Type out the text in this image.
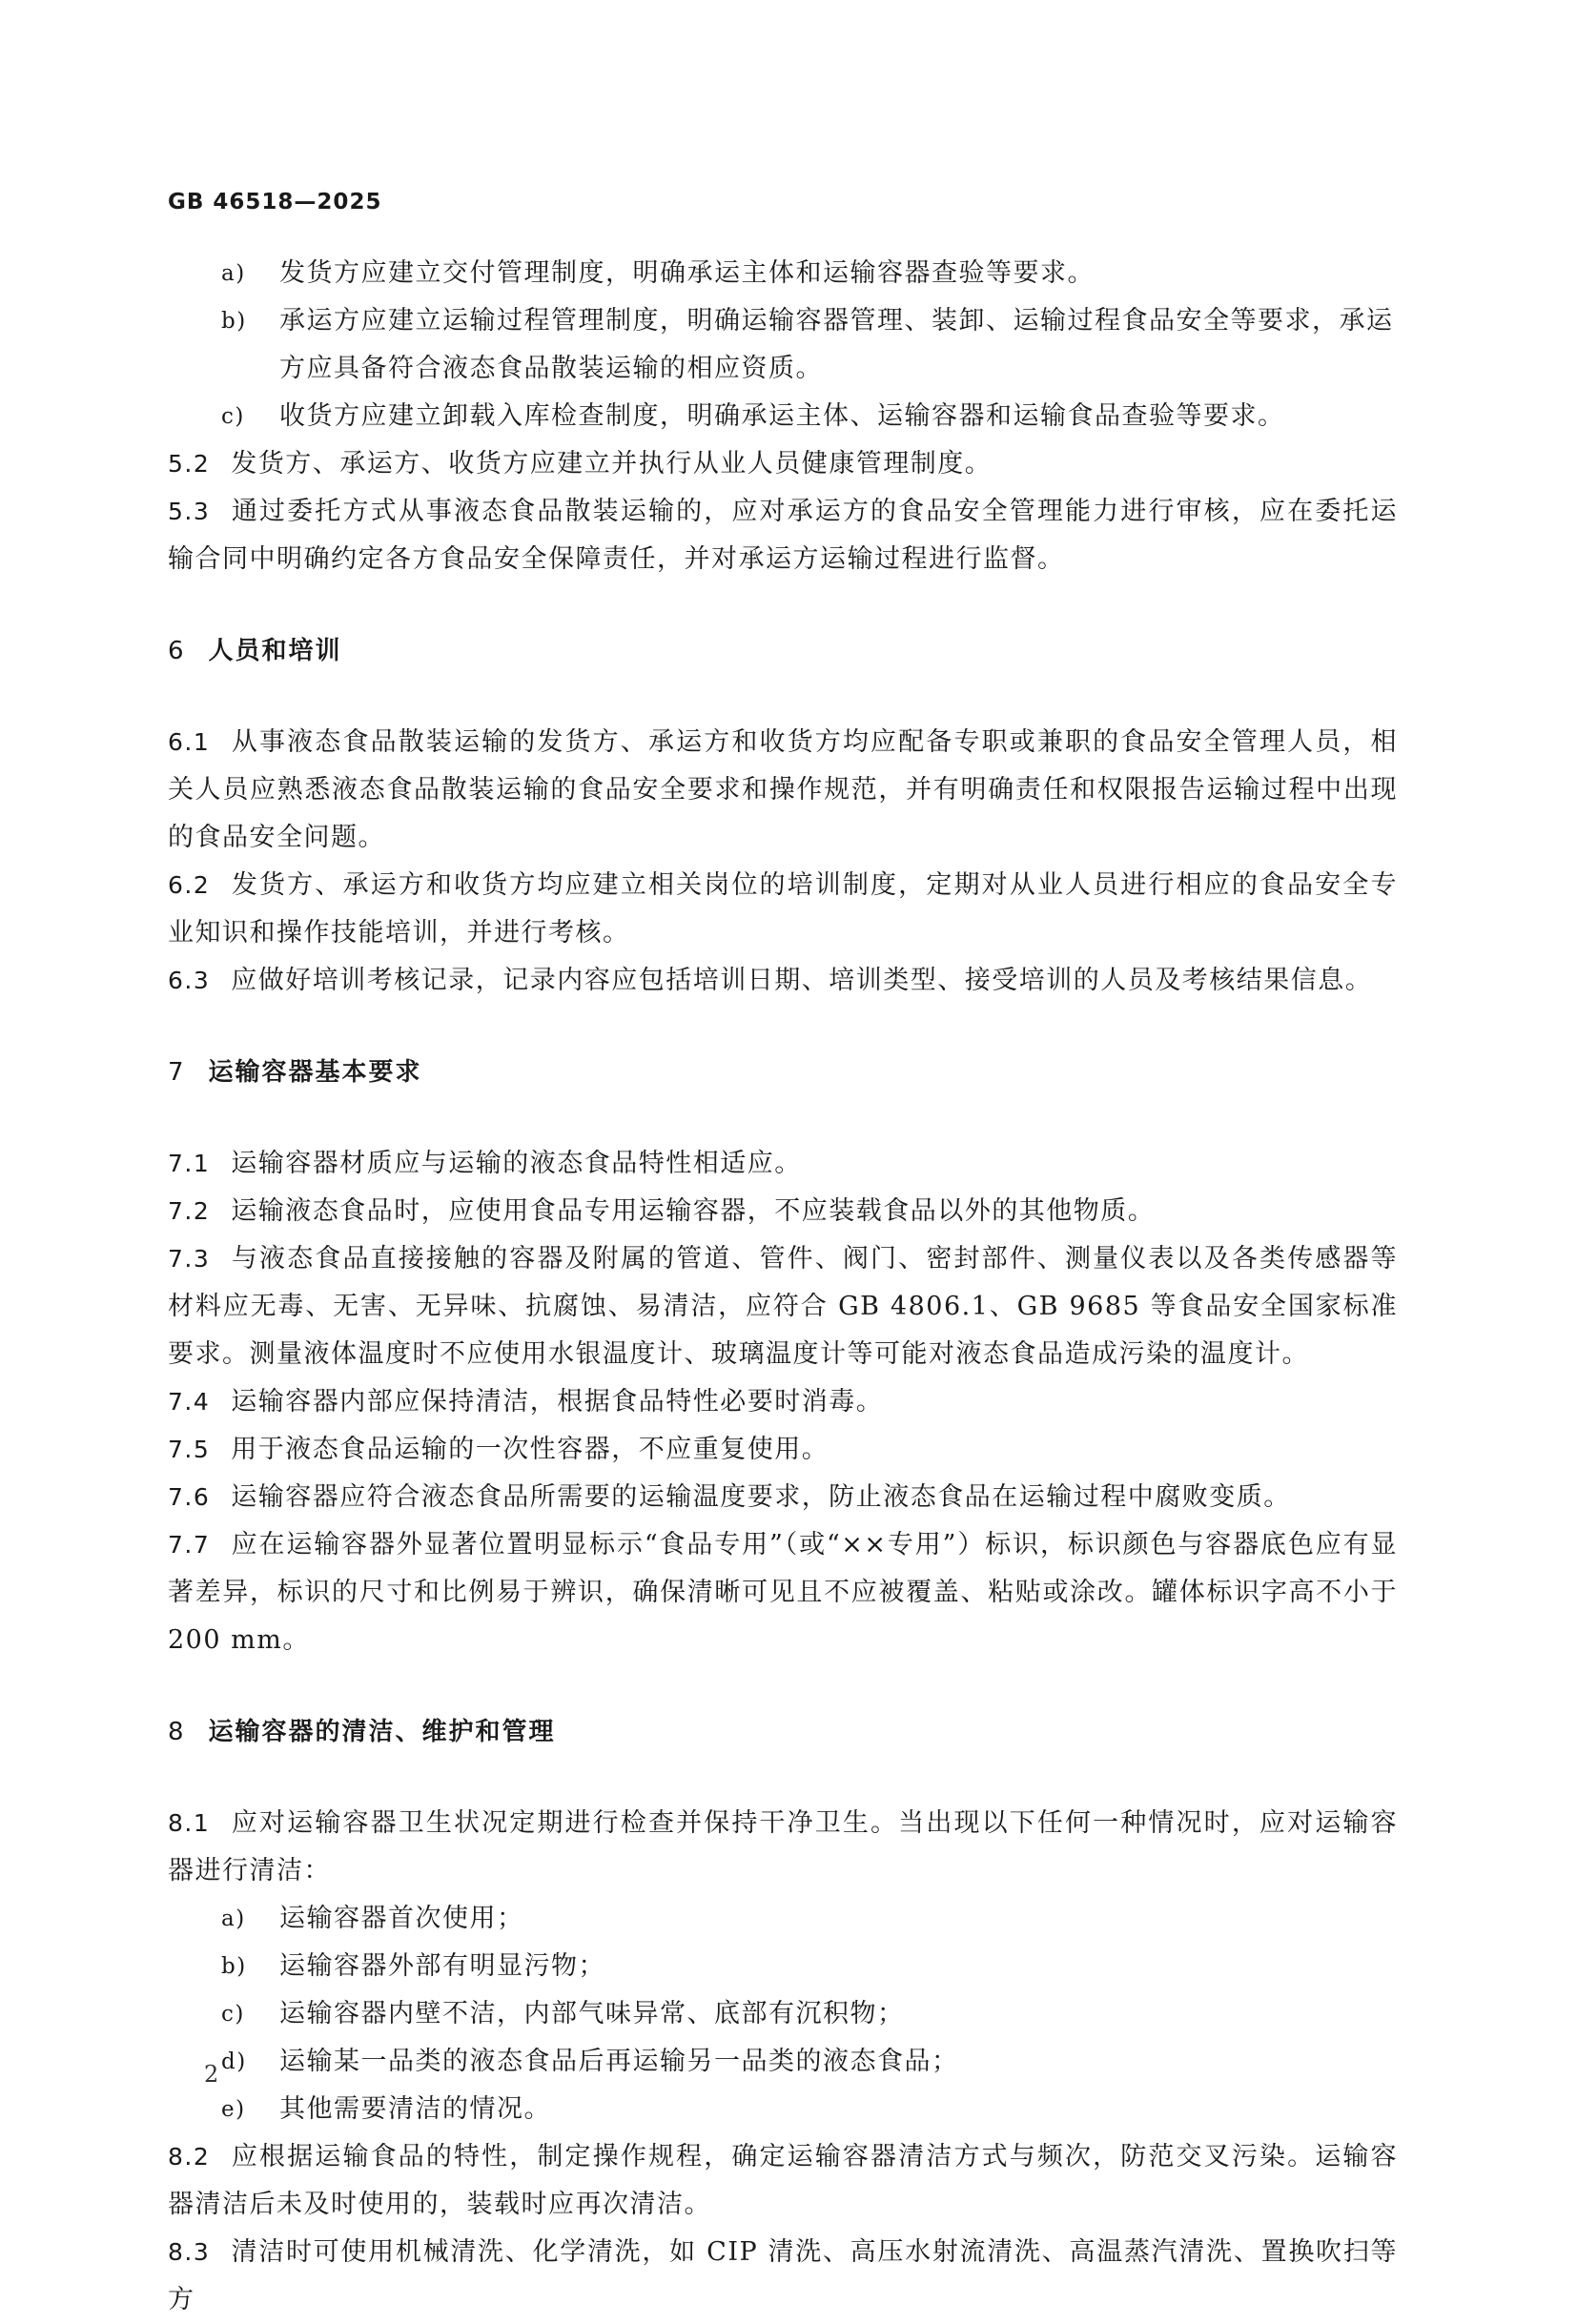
GB 46518—2025

a) 发货方应建立交付管理制度，明确承运主体和运输容器查验等要求。

b) 承运方应建立运输过程管理制度，明确运输容器管理、装卸、运输过程食品安全等要求，承运方应具备符合液态食品散装运输的相应资质。

c) 收货方应建立卸载入库检查制度，明确承运主体、运输容器和运输食品查验等要求。

5.2 发货方、承运方、收货方应建立并执行从业人员健康管理制度。

5.3 通过委托方式从事液态食品散装运输的，应对承运方的食品安全管理能力进行审核，应在委托运输合同中明确约定各方食品安全保障责任，并对承运方运输过程进行监督。

6 人员和培训

6.1 从事液态食品散装运输的发货方、承运方和收货方均应配备专职或兼职的食品安全管理人员，相关人员应熟悉液态食品散装运输的食品安全要求和操作规范，并有明确责任和权限报告运输过程中出现的食品安全问题。

6.2 发货方、承运方和收货方均应建立相关岗位的培训制度，定期对从业人员进行相应的食品安全专业知识和操作技能培训，并进行考核。

6.3 应做好培训考核记录，记录内容应包括培训日期、培训类型、接受培训的人员及考核结果信息。

7 运输容器基本要求

7.1 运输容器材质应与运输的液态食品特性相适应。

7.2 运输液态食品时，应使用食品专用运输容器，不应装载食品以外的其他物质。

7.3 与液态食品直接接触的容器及附属的管道、管件、阀门、密封部件、测量仪表以及各类传感器等材料应无毒、无害、无异味、抗腐蚀、易清洁，应符合 GB 4806.1、GB 9685 等食品安全国家标准要求。测量液体温度时不应使用水银温度计、玻璃温度计等可能对液态食品造成污染的温度计。

7.4 运输容器内部应保持清洁，根据食品特性必要时消毒。

7.5 用于液态食品运输的一次性容器，不应重复使用。

7.6 运输容器应符合液态食品所需要的运输温度要求，防止液态食品在运输过程中腐败变质。

7.7 应在运输容器外显著位置明显标示“食品专用”（或“××专用”）标识，标识颜色与容器底色应有显著差异，标识的尺寸和比例易于辨识，确保清晰可见且不应被覆盖、粘贴或涂改。罐体标识字高不小于 200 mm。

8 运输容器的清洁、维护和管理

8.1 应对运输容器卫生状况定期进行检查并保持干净卫生。当出现以下任何一种情况时，应对运输容器进行清洁：

a) 运输容器首次使用；

b) 运输容器外部有明显污物；

c) 运输容器内壁不洁，内部气味异常、底部有沉积物；

d) 运输某一品类的液态食品后再运输另一品类的液态食品；

e) 其他需要清洁的情况。

8.2 应根据运输食品的特性，制定操作规程，确定运输容器清洁方式与频次，防范交叉污染。运输容器清洁后未及时使用的，装载时应再次清洁。

8.3 清洁时可使用机械清洗、化学清洗，如 CIP 清洗、高压水射流清洗、高温蒸汽清洗、置换吹扫等方

2
